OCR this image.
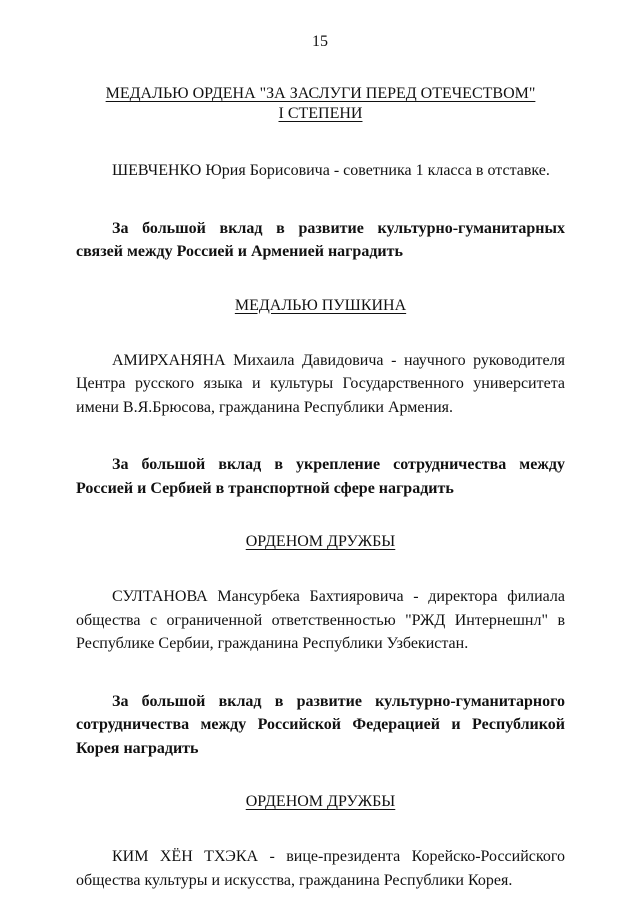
15
МЕДАЛЬЮ ОРДЕНА "ЗА ЗАСЛУГИ ПЕРЕД ОТЕЧЕСТВОМ"
I СТЕПЕНИ

ШЕВЧЕНКО Юрия Борисовича - советника 1 класса в отставке.

За большой вклад в развитие культурно-гуманитарных связей между Россией и Арменией наградить

МЕДАЛЬЮ ПУШКИНА

АМИРХАНЯНА Михаила Давидовича - научного руководителя Центра русского языка и культуры Государственного университета имени В.Я.Брюсова, гражданина Республики Армения.

За большой вклад в укрепление сотрудничества между Россией и Сербией в транспортной сфере наградить

ОРДЕНОМ ДРУЖБЫ

СУЛТАНОВА Мансурбека Бахтияровича - директора филиала общества с ограниченной ответственностью "РЖД Интернешнл" в Республике Сербии, гражданина Республики Узбекистан.

За большой вклад в развитие культурно-гуманитарного сотрудничества между Российской Федерацией и Республикой Корея наградить

ОРДЕНОМ ДРУЖБЫ

КИМ ХЁН ТХЭКА - вице-президента Корейско-Российского общества культуры и искусства, гражданина Республики Корея.
